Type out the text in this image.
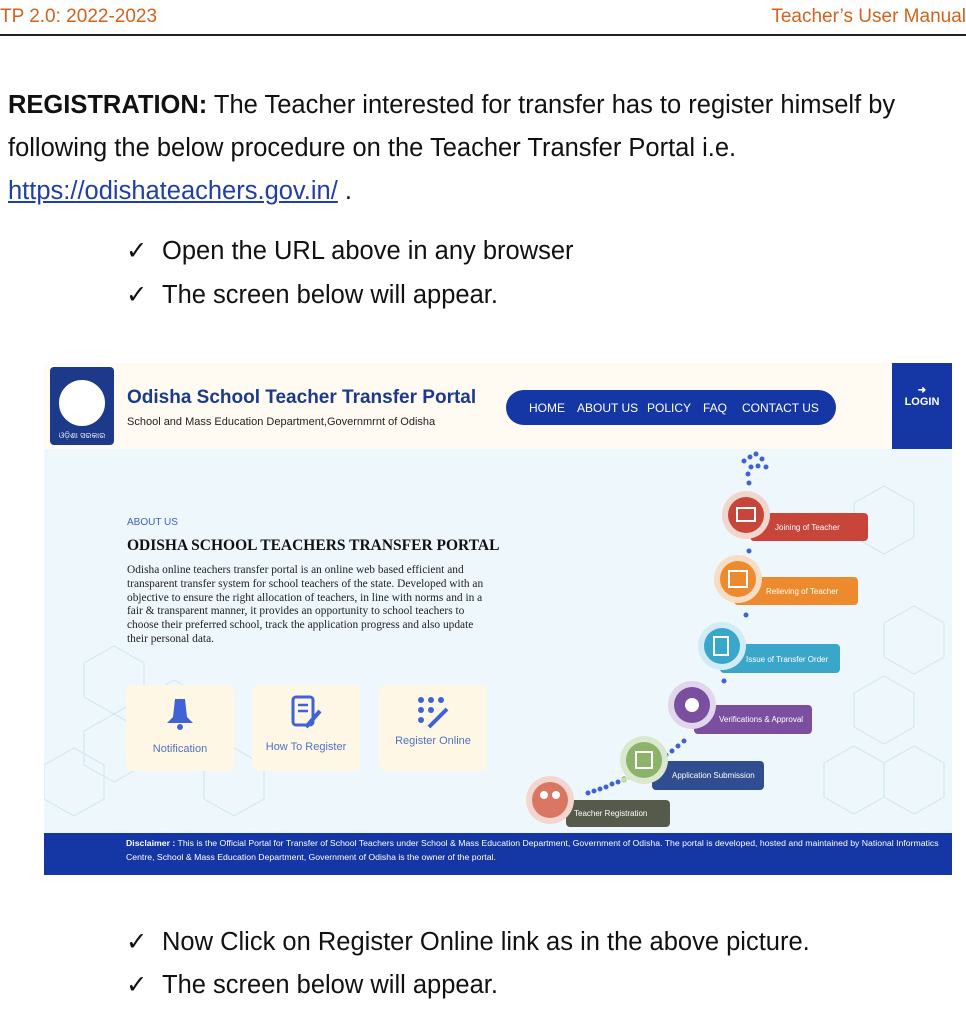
TP 2.0: 2022-2023	Teacher’s User Manual
REGISTRATION: The Teacher interested for transfer has to register himself by following the below procedure on the Teacher Transfer Portal i.e. https://odishateachers.gov.in/ .
✓ Open the URL above in any browser
✓ The screen below will appear.
ଓଡ଼ିଶା ସରକାର
Odisha School Teacher Transfer Portal
School and Mass Education Department,Governmrnt of Odisha
HOME ABOUT US POLICY FAQ CONTACT US
➜
LOGIN
ABOUT US
ODISHA SCHOOL TEACHERS TRANSFER PORTAL
Odisha online teachers transfer portal is an online web based efficient and transparent transfer system for school teachers of the state. Developed with an objective to ensure the right allocation of teachers, in line with norms and in a fair & transparent manner, it provides an opportunity to school teachers to choose their preferred school, track the application progress and also update their personal data.
Notification	How To Register	Register Online
Joining of Teacher
Relieving of Teacher
Issue of Transfer Order
Verifications & Approval
Application Submission
Teacher Registration
Disclaimer : This is the Official Portal for Transfer of School Teachers under School & Mass Education Department, Government of Odisha. The portal is developed, hosted and maintained by National Informatics Centre, School & Mass Education Department, Government of Odisha is the owner of the portal.
✓ Now Click on Register Online link as in the above picture.
✓ The screen below will appear.
